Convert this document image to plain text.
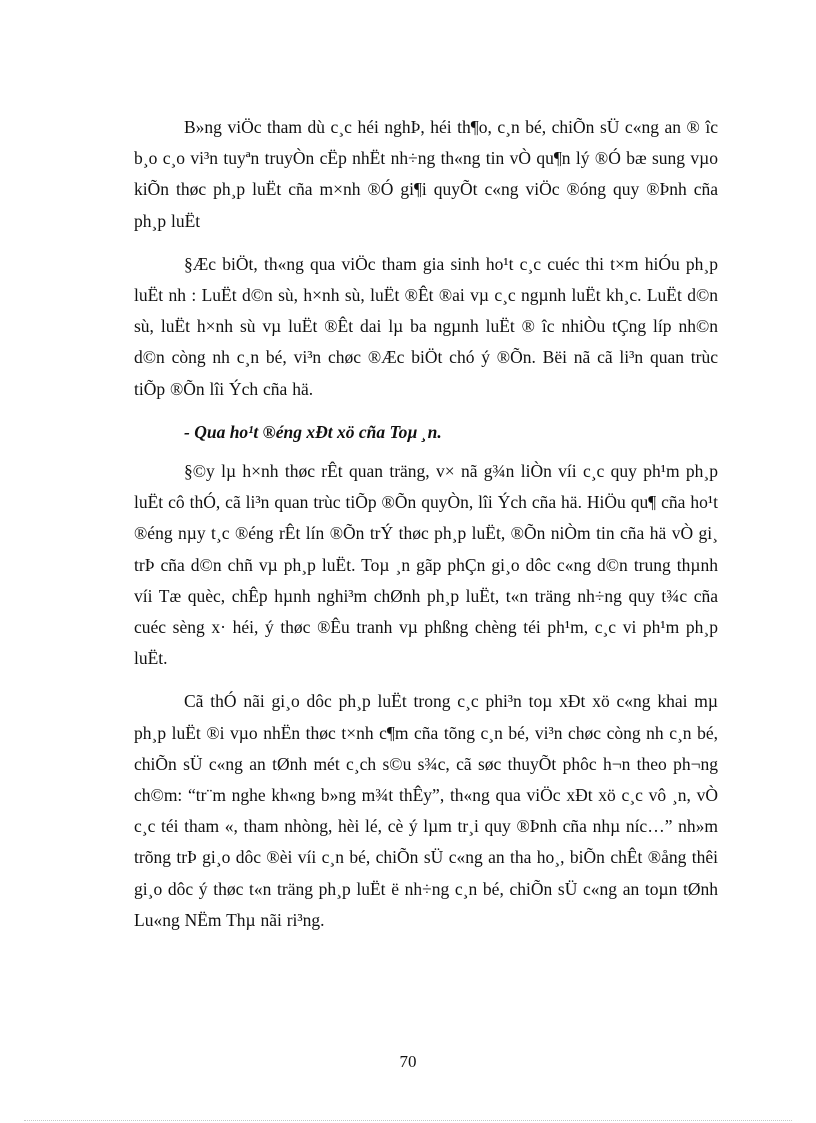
B»ng viÖc tham dù c¸c héi nghÞ, héi th¶o, c¸n bé, chiÕn sÜ c«ng an ® îc b¸o c¸o vi³n tuyªn truyÒn cËp nhËt nh÷ng th«ng tin vÒ qu¶n lý ®Ó bæ sung vµo kiÕn thøc ph¸p luËt cña m×nh ®Ó gi¶i quyÕt c«ng viÖc ®óng quy ®Þnh cña ph¸p luËt

§Æc biÖt, th«ng qua viÖc tham gia sinh ho¹t c¸c cuéc thi t×m hiÓu ph¸p luËt nh : LuËt d©n sù, h×nh sù, luËt ®Êt ®ai vµ c¸c ngµnh luËt kh¸c. LuËt d©n sù, luËt h×nh sù vµ luËt ®Êt dai lµ ba ngµnh luËt ® îc nhiÒu tÇng líp nh©n d©n còng nh c¸n bé, vi³n chøc ®Æc biÖt chó ý ®Õn. Bëi nã cã li³n quan trùc tiÕp ®Õn lîi Ých cña hä.

- Qua ho¹t ®éng xÐt xö cña Toµ ¸n.

§©y lµ h×nh thøc rÊt quan träng, v× nã g¾n liÒn víi c¸c quy ph¹m ph¸p luËt cô thÓ, cã li³n quan trùc tiÕp ®Õn quyÒn, lîi Ých cña hä. HiÖu qu¶ cña ho¹t ®éng nµy t¸c ®éng rÊt lín ®Õn trÝ thøc ph¸p luËt, ®Õn niÒm tin cña hä vÒ gi¸ trÞ cña d©n chñ vµ ph¸p luËt. Toµ ¸n gãp phÇn gi¸o dôc c«ng d©n trung thµnh víi Tæ quèc, chÊp hµnh nghi³m chØnh ph¸p luËt, t«n träng nh÷ng quy t¾c cña cuéc sèng x· héi, ý thøc ®Êu tranh vµ phßng chèng téi ph¹m, c¸c vi ph¹m ph¸p luËt.

Cã thÓ nãi gi¸o dôc ph¸p luËt trong c¸c phi³n toµ xÐt xö c«ng khai mµ ph¸p luËt ®i vµo nhËn thøc t×nh c¶m cña tõng c¸n bé, vi³n chøc còng nh c¸n bé, chiÕn sÜ c«ng an tØnh mét c¸ch s©u s¾c, cã søc thuyÕt phôc h¬n theo ph¬ng ch©m: “tr¨m nghe kh«ng b»ng m¾t thÊy”, th«ng qua viÖc xÐt xö c¸c vô ¸n, vÒ c¸c téi tham «, tham nhòng, hèi lé, cè ý lµm tr¸i quy ®Þnh cña nhµ níc…” nh»m trõng trÞ gi¸o dôc ®èi víi c¸n bé, chiÕn sÜ c«ng an tha ho¸, biÕn chÊt ®ång thêi gi¸o dôc ý thøc t«n träng ph¸p luËt ë nh÷ng c¸n bé, chiÕn sÜ c«ng an toµn tØnh Lu«ng NËm Thµ nãi ri³ng.

70
